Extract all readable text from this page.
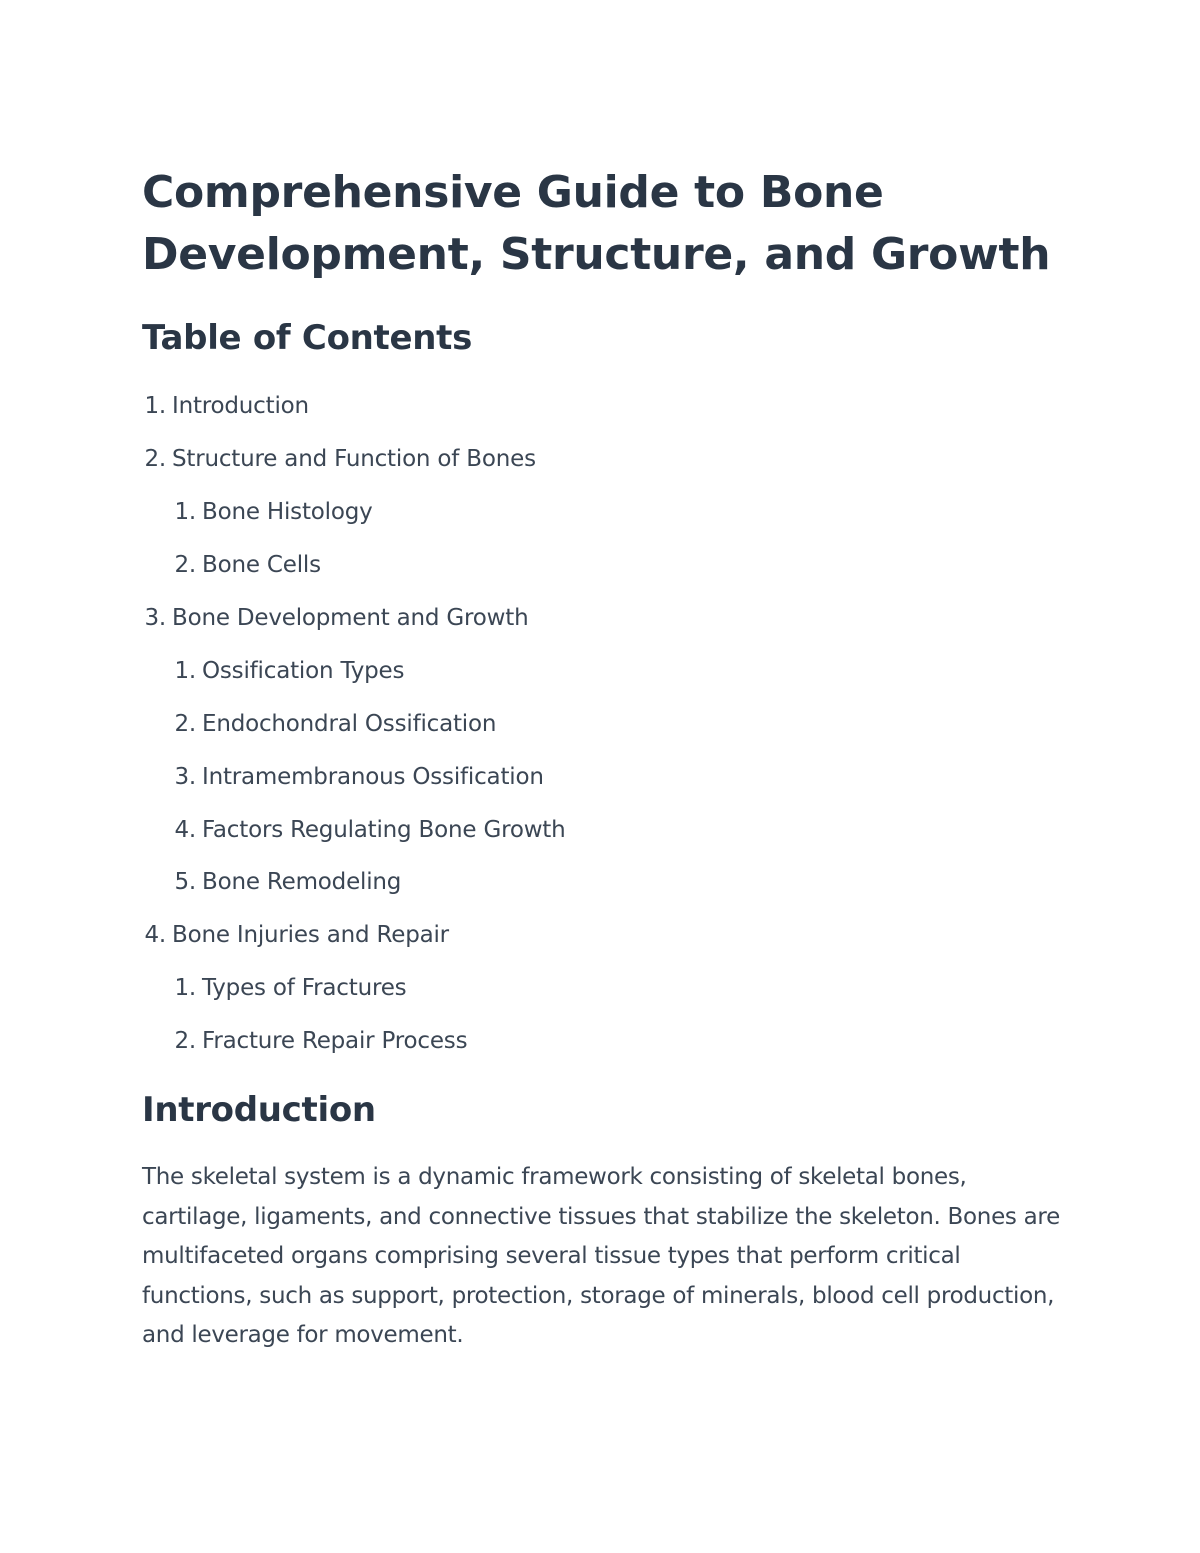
Comprehensive Guide to Bone Development, Structure, and Growth
Table of Contents
1. Introduction
2. Structure and Function of Bones
1. Bone Histology
2. Bone Cells
3. Bone Development and Growth
1. Ossification Types
2. Endochondral Ossification
3. Intramembranous Ossification
4. Factors Regulating Bone Growth
5. Bone Remodeling
4. Bone Injuries and Repair
1. Types of Fractures
2. Fracture Repair Process
Introduction

The skeletal system is a dynamic framework consisting of skeletal bones, cartilage, ligaments, and connective tissues that stabilize the skeleton. Bones are multifaceted organs comprising several tissue types that perform critical functions, such as support, protection, storage of minerals, blood cell production, and leverage for movement.
